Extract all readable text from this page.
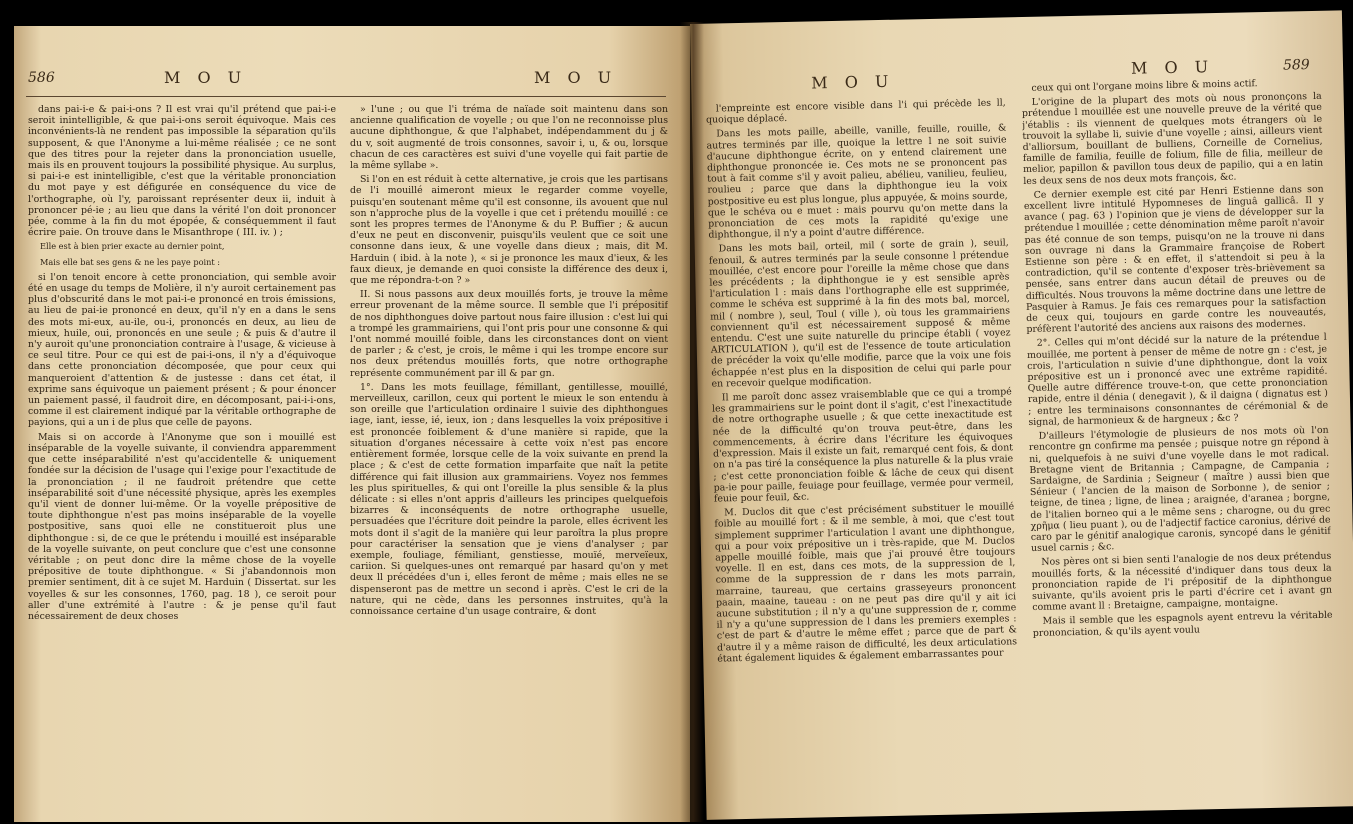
586	M O U	M O U

dans pai-i-e & pai-i-ons ? Il est vrai qu'il prétend que pai-i-e seroit inintelligible, & que pai-i-ons seroit équivoque. Mais ces inconvénients-là ne rendent pas impossible la séparation qu'ils supposent, & que l'Anonyme a lui-même réalisée ; ce ne sont que des titres pour la rejeter dans la prononciation usuelle, mais ils en prouvent toujours la possibilité physique. Au surplus, si pai-i-e est inintelligible, c'est que la véritable prononciation du mot paye y est défigurée en conséquence du vice de l'orthographe, où l'y, paroissant représenter deux ii, induit à prononcer pé-ie ; au lieu que dans la vérité l'on doit prononcer pée, comme à la fin du mot épopée, & conséquemment il faut écrire paie. On trouve dans le Misanthrope ( III. iv. ) ;

Elle est à bien prier exacte au dernier point,

Mais elle bat ses gens & ne les paye point :

si l'on tenoit encore à cette prononciation, qui semble avoir été en usage du temps de Molière, il n'y auroit certainement pas plus d'obscurité dans le mot pai-i-e prononcé en trois émissions, au lieu de pai-ie prononcé en deux, qu'il n'y en a dans le sens des mots mi-eux, au-ile, ou-i, prononcés en deux, au lieu de mieux, huile, oui, prononcés en une seule ; & puis & d'autre il n'y auroit qu'une prononciation contraire à l'usage, & vicieuse à ce seul titre. Pour ce qui est de pai-i-ons, il n'y a d'équivoque dans cette prononciation décomposée, que pour ceux qui manqueroient d'attention & de justesse : dans cet état, il exprime sans équivoque un paiement présent ; & pour énoncer un paiement passé, il faudroit dire, en décomposant, pai-i-i-ons, comme il est clairement indiqué par la véritable orthographe de payions, qui a un i de plus que celle de payons.

Mais si on accorde à l'Anonyme que son i mouillé est inséparable de la voyelle suivante, il conviendra apparemment que cette inséparabilité n'est qu'accidentelle & uniquement fondée sur la décision de l'usage qui l'exige pour l'exactitude de la prononciation ; il ne faudroit prétendre que cette inséparabilité soit d'une nécessité physique, après les exemples qu'il vient de donner lui-même. Or la voyelle prépositive de toute diphthongue n'est pas moins inséparable de la voyelle postpositive, sans quoi elle ne constitueroit plus une diphthongue : si, de ce que le prétendu i mouillé est inséparable de la voyelle suivante, on peut conclure que c'est une consonne véritable ; on peut donc dire la même chose de la voyelle prépositive de toute diphthongue. « Si j'abandonnois mon premier sentiment, dit à ce sujet M. Harduin ( Dissertat. sur les voyelles & sur les consonnes, 1760, pag. 18 ), ce seroit pour aller d'une extrémité à l'autre : & je pense qu'il faut nécessairement de deux choses

» l'une ; ou que l'i tréma de naïade soit maintenu dans son ancienne qualification de voyelle ; ou que l'on ne reconnoisse plus aucune diphthongue, & que l'alphabet, indépendamment du j & du v, soit augmenté de trois consonnes, savoir i, u, & ou, lorsque chacun de ces caractères est suivi d'une voyelle qui fait partie de la même syllabe ».

Si l'on en est réduit à cette alternative, je crois que les partisans de l'i mouillé aimeront mieux le regarder comme voyelle, puisqu'en soutenant même qu'il est consonne, ils avouent que nul son n'approche plus de la voyelle i que cet i prétendu mouillé : ce sont les propres termes de l'Anonyme & du P. Buffier ; & aucun d'eux ne peut en disconvenir, puisqu'ils veulent que ce soit une consonne dans ieux, & une voyelle dans dieux ; mais, dit M. Harduin ( ibid. à la note ), « si je prononce les maux d'ieux, & les faux dieux, je demande en quoi consiste la différence des deux i, que me répondra-t-on ? »

II. Si nous passons aux deux mouillés forts, je trouve la même erreur provenant de la même source. Il semble que l'i prépositif de nos diphthongues doive partout nous faire illusion : c'est lui qui a trompé les grammairiens, qui l'ont pris pour une consonne & qui l'ont nommé mouillé foible, dans les circonstances dont on vient de parler ; & c'est, je crois, le même i qui les trompe encore sur nos deux prétendus mouillés forts, que notre orthographe représente communément par ill & par gn.

1°. Dans les mots feuillage, fémillant, gentillesse, mouillé, merveilleux, carillon, ceux qui portent le mieux le son entendu à son oreille que l'articulation ordinaire l suivie des diphthongues iage, iant, iesse, ié, ieux, ion ; dans lesquelles la voix prépositive i est prononcée foiblement & d'une manière si rapide, que la situation d'organes nécessaire à cette voix n'est pas encore entièrement formée, lorsque celle de la voix suivante en prend la place ; & c'est de cette formation imparfaite que naît la petite différence qui fait illusion aux grammairiens. Voyez nos femmes les plus spirituelles, & qui ont l'oreille la plus sensible & la plus délicate : si elles n'ont appris d'ailleurs les principes quelquefois bizarres & inconséquents de notre orthographe usuelle, persuadées que l'écriture doit peindre la parole, elles écrivent les mots dont il s'agit de la manière qui leur paroîtra la plus propre pour caractériser la sensation que je viens d'analyser ; par exemple, fouliage, fémiliant, genstiesse, mouïé, merveïeux, cariion. Si quelques-unes ont remarqué par hasard qu'on y met deux ll précédées d'un i, elles feront de même ; mais elles ne se dispenseront pas de mettre un second i après. C'est le cri de la nature, qui ne cède, dans les personnes instruites, qu'à la connoissance certaine d'un usage contraire, & dont

M O U
M O U	589

l'empreinte est encore visible dans l'i qui précède les ll, quoique déplacé.

Dans les mots paille, abeille, vanille, feuille, rouille, & autres terminés par ille, quoique la lettre l ne soit suivie d'aucune diphthongue écrite, on y entend clairement une diphthongue prononcée ie. Ces mots ne se prononcent pas tout à fait comme s'il y avoit palieu, abélieu, vanilieu, feulieu, roulieu ; parce que dans la diphthongue ieu la voix postpositive eu est plus longue, plus appuyée, & moins sourde, que le schéva ou e muet : mais pourvu qu'on mette dans la prononciation de ces mots la rapidité qu'exige une diphthongue, il n'y a point d'autre différence.

Dans les mots bail, orteil, mil ( sorte de grain ), seuil, fenouil, & autres terminés par la seule consonne l prétendue mouillée, c'est encore pour l'oreille la même chose que dans les précédents ; la diphthongue ie y est sensible après l'articulation l : mais dans l'orthographe elle est supprimée, comme le schéva est supprimé à la fin des mots bal, morcel, mil ( nombre ), seul, Toul ( ville ), où tous les grammairiens conviennent qu'il est nécessairement supposé & même entendu. C'est une suite naturelle du principe établi ( voyez ARTICULATION ), qu'il est de l'essence de toute articulation de précéder la voix qu'elle modifie, parce que la voix une fois échappée n'est plus en la disposition de celui qui parle pour en recevoir quelque modification.

Il me paroît donc assez vraisemblable que ce qui a trompé les grammairiens sur le point dont il s'agit, c'est l'inexactitude de notre orthographe usuelle ; & que cette inexactitude est née de la difficulté qu'on trouva peut-être, dans les commencements, à écrire dans l'écriture les équivoques d'expression. Mais il existe un fait, remarqué cent fois, & dont on n'a pas tiré la conséquence la plus naturelle & la plus vraie ; c'est cette prononciation foible & lâche de ceux qui disent pa-ie pour paille, feuiage pour feuillage, vermée pour vermeil, feuie pour feuil, &c.

M. Duclos dit que c'est précisément substituer le mouillé foible au mouillé fort : & il me semble, à moi, que c'est tout simplement supprimer l'articulation l avant une diphthongue, qui a pour voix prépositive un i très-rapide, que M. Duclos appelle mouillé foible, mais que j'ai prouvé être toujours voyelle. Il en est, dans ces mots, de la suppression de l, comme de la suppression de r dans les mots parrain, marraine, taureau, que certains grasseyeurs prononcent paain, maaine, taueau : on ne peut pas dire qu'il y ait ici aucune substitution ; il n'y a qu'une suppression de r, comme il n'y a qu'une suppression de l dans les premiers exemples : c'est de part & d'autre le même effet ; parce que de part & d'autre il y a même raison de difficulté, les deux articulations étant également liquides & également embarrassantes pour

ceux qui ont l'organe moins libre & moins actif.

L'origine de la plupart des mots où nous prononçons la prétendue l mouillée est une nouvelle preuve de la vérité que j'établis : ils viennent de quelques mots étrangers où le trouvoit la syllabe li, suivie d'une voyelle ; ainsi, ailleurs vient d'alliorsum, bouillant de bulliens, Corneille de Cornelius, famille de familia, feuille de folium, fille de filia, meilleur de melior, papillon & pavillon tous deux de papilio, qui a en latin les deux sens de nos deux mots françois, &c.

Ce dernier exemple est cité par Henri Estienne dans son excellent livre intitulé Hypomneses de linguâ gallicâ. Il y avance ( pag. 63 ) l'opinion que je viens de développer sur la prétendue l mouillée ; cette dénomination même paroît n'avoir pas été connue de son temps, puisqu'on ne la trouve ni dans son ouvrage ni dans la Grammaire françoise de Robert Estienne son père : & en effet, il s'attendoit si peu à la contradiction, qu'il se contente d'exposer très-brièvement sa pensée, sans entrer dans aucun détail de preuves ou de difficultés. Nous trouvons la même doctrine dans une lettre de Pasquier à Ramus. Je fais ces remarques pour la satisfaction de ceux qui, toujours en garde contre les nouveautés, préfèrent l'autorité des anciens aux raisons des modernes.

2°. Celles qui m'ont décidé sur la nature de la prétendue l mouillée, me portent à penser de même de notre gn : c'est, je crois, l'articulation n suivie d'une diphthongue, dont la voix prépositive est un i prononcé avec une extrême rapidité. Quelle autre différence trouve-t-on, que cette prononciation rapide, entre il dénia ( denegavit ), & il daigna ( dignatus est ) ; entre les terminaisons consonnantes de cérémonial & de signal, de harmonieux & de hargneux ; &c ?

D'ailleurs l'étymologie de plusieurs de nos mots où l'on rencontre gn confirme ma pensée ; puisque notre gn répond à ni, quelquefois à ne suivi d'une voyelle dans le mot radical. Bretagne vient de Britannia ; Campagne, de Campania ; Sardaigne, de Sardinia ; Seigneur ( maître ) aussi bien que Sénieur ( l'ancien de la maison de Sorbonne ), de senior ; teigne, de tinea ; ligne, de linea ; araignée, d'aranea ; borgne, de l'italien borneo qui a le même sens ; charogne, ou du grec χρῆμα ( lieu puant ), ou de l'adjectif factice caronius, dérivé de caro par le génitif analogique caronis, syncopé dans le génitif usuel carnis ; &c.

Nos pères ont si bien senti l'analogie de nos deux prétendus mouillés forts, & la nécessité d'indiquer dans tous deux la prononciation rapide de l'i prépositif de la diphthongue suivante, qu'ils avoient pris le parti d'écrire cet i avant gn comme avant ll : Bretaigne, campaigne, montaigne.

Mais il semble que les espagnols ayent entrevu la véritable prononciation, & qu'ils ayent voulu
